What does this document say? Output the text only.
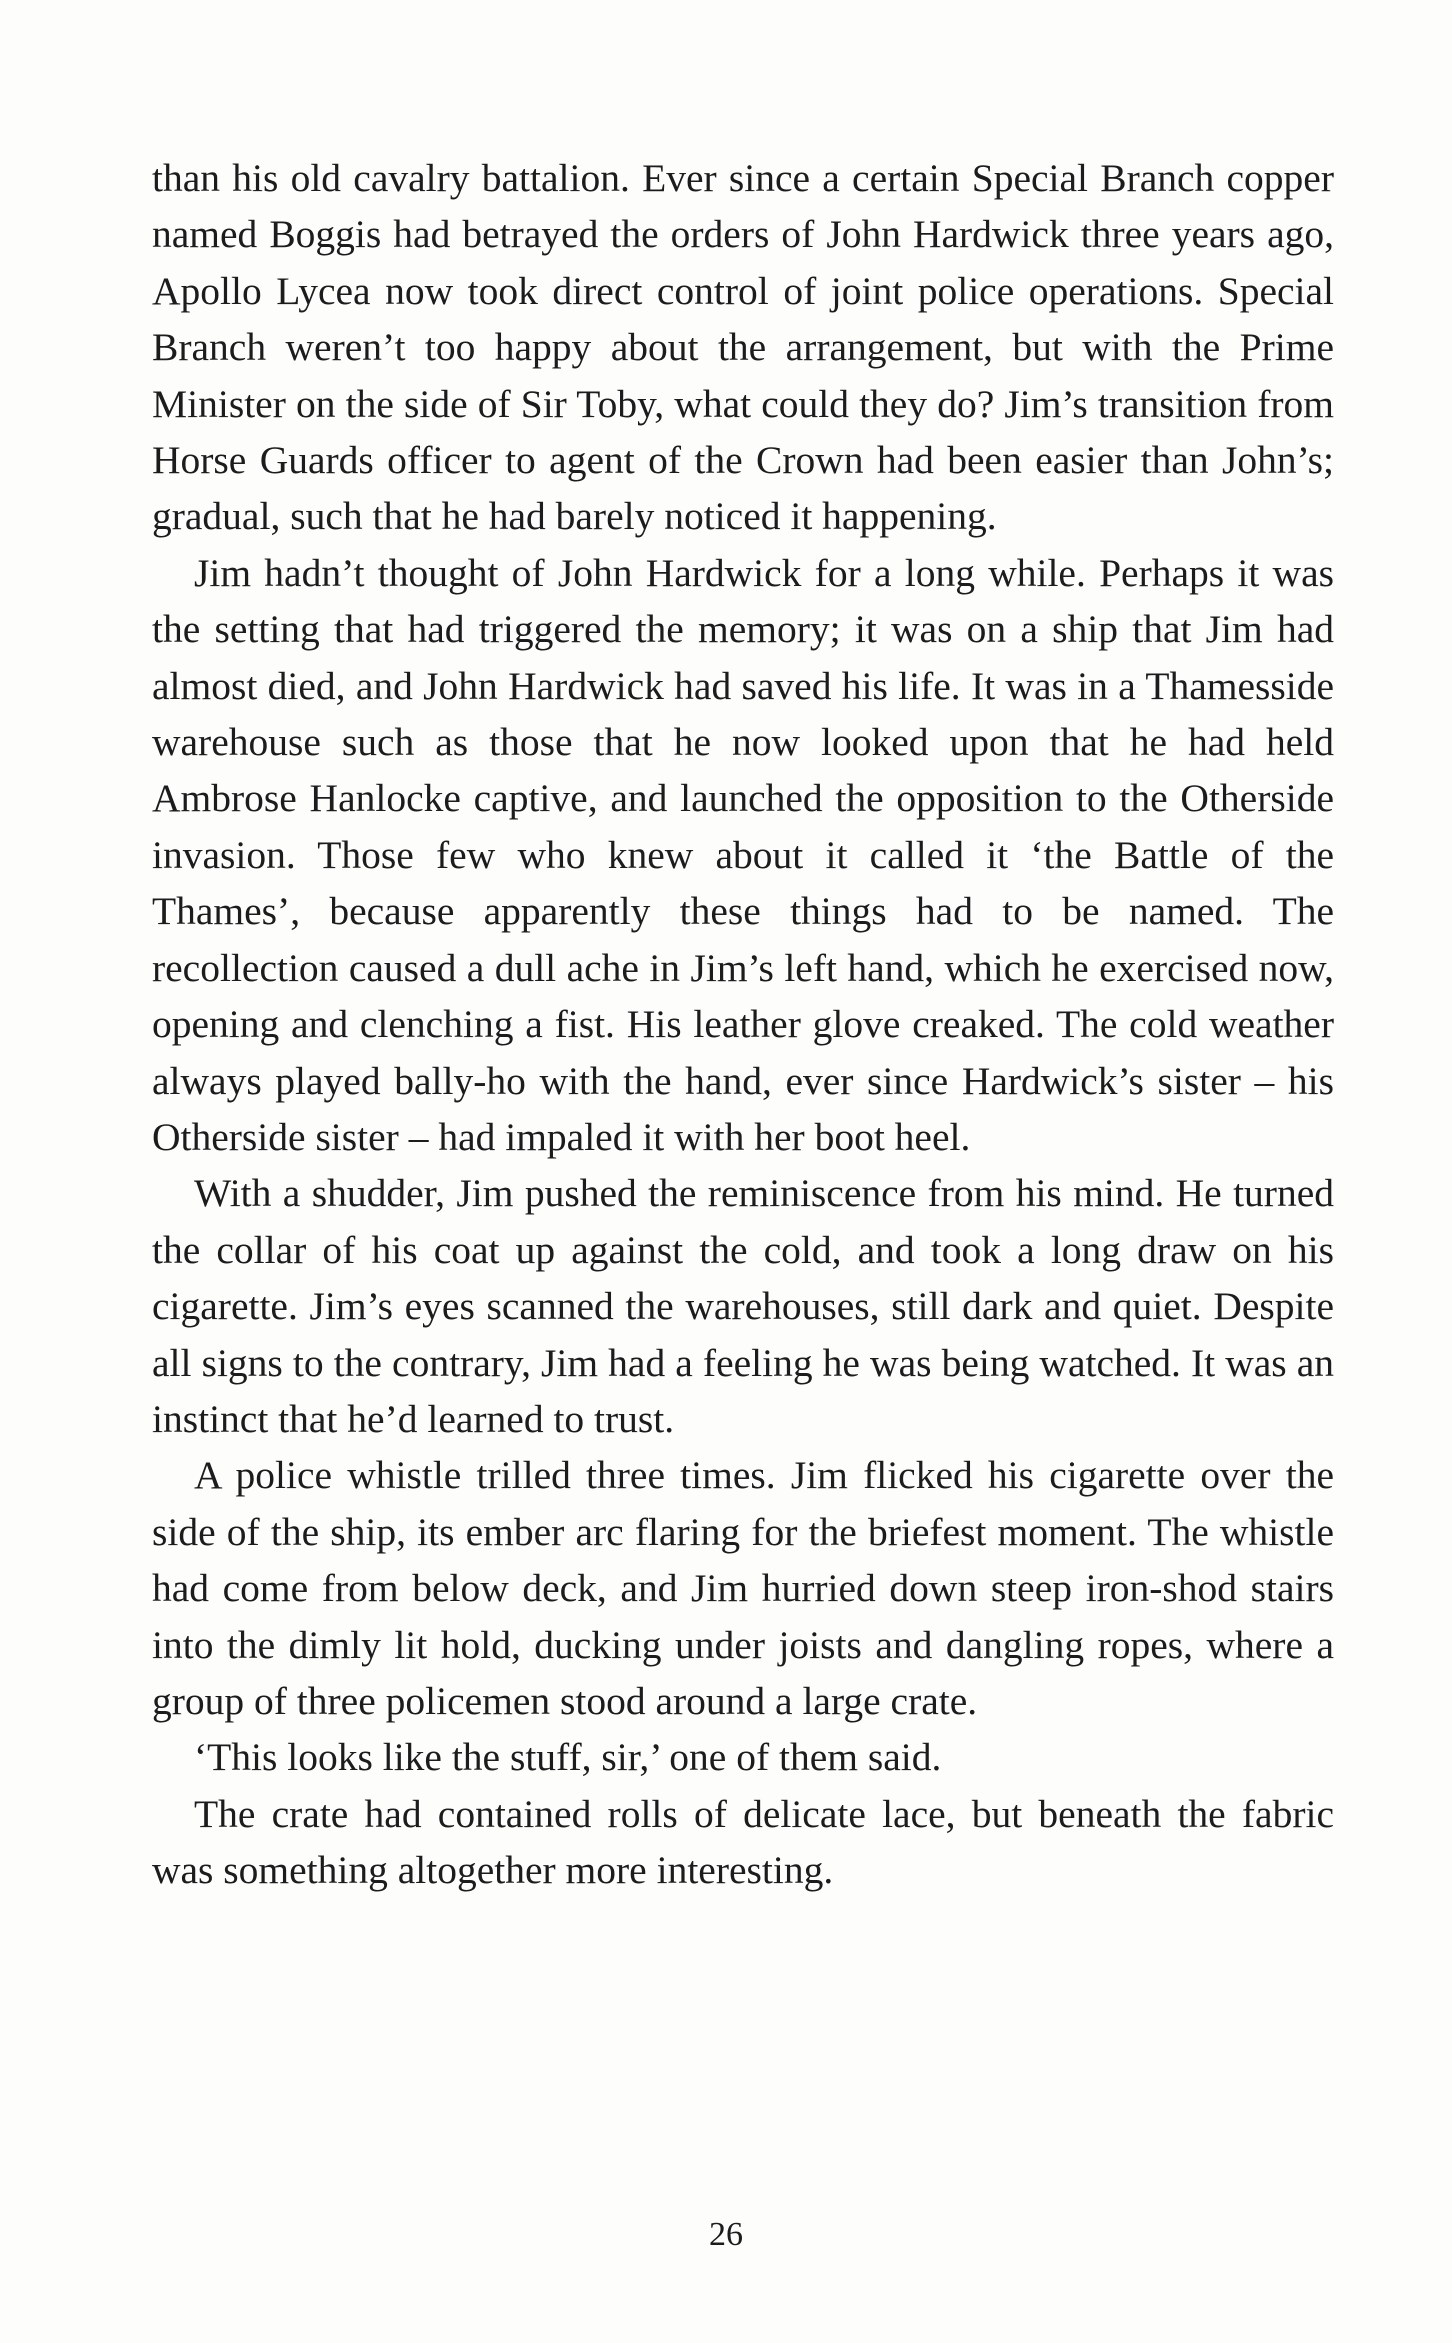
than his old cavalry battalion. Ever since a certain Special Branch copper named Boggis had betrayed the orders of John Hardwick three years ago, Apollo Lycea now took direct control of joint police operations. Special Branch weren’t too happy about the arrangement, but with the Prime Minister on the side of Sir Toby, what could they do? Jim’s transition from Horse Guards officer to agent of the Crown had been easier than John’s; gradual, such that he had barely noticed it happening.

Jim hadn’t thought of John Hardwick for a long while. Perhaps it was the setting that had triggered the memory; it was on a ship that Jim had almost died, and John Hardwick had saved his life. It was in a Thamesside warehouse such as those that he now looked upon that he had held Ambrose Hanlocke captive, and launched the opposition to the Otherside invasion. Those few who knew about it called it ‘the Battle of the Thames’, because apparently these things had to be named. The recollection caused a dull ache in Jim’s left hand, which he exercised now, opening and clenching a fist. His leather glove creaked. The cold weather always played bally-ho with the hand, ever since Hardwick’s sister – his Otherside sister – had impaled it with her boot heel.

With a shudder, Jim pushed the reminiscence from his mind. He turned the collar of his coat up against the cold, and took a long draw on his cigarette. Jim’s eyes scanned the warehouses, still dark and quiet. Despite all signs to the contrary, Jim had a feeling he was being watched. It was an instinct that he’d learned to trust.

A police whistle trilled three times. Jim flicked his cigarette over the side of the ship, its ember arc flaring for the briefest moment. The whistle had come from below deck, and Jim hurried down steep iron-shod stairs into the dimly lit hold, ducking under joists and dangling ropes, where a group of three policemen stood around a large crate.

‘This looks like the stuff, sir,’ one of them said.

The crate had contained rolls of delicate lace, but beneath the fabric was something altogether more interesting.

26
